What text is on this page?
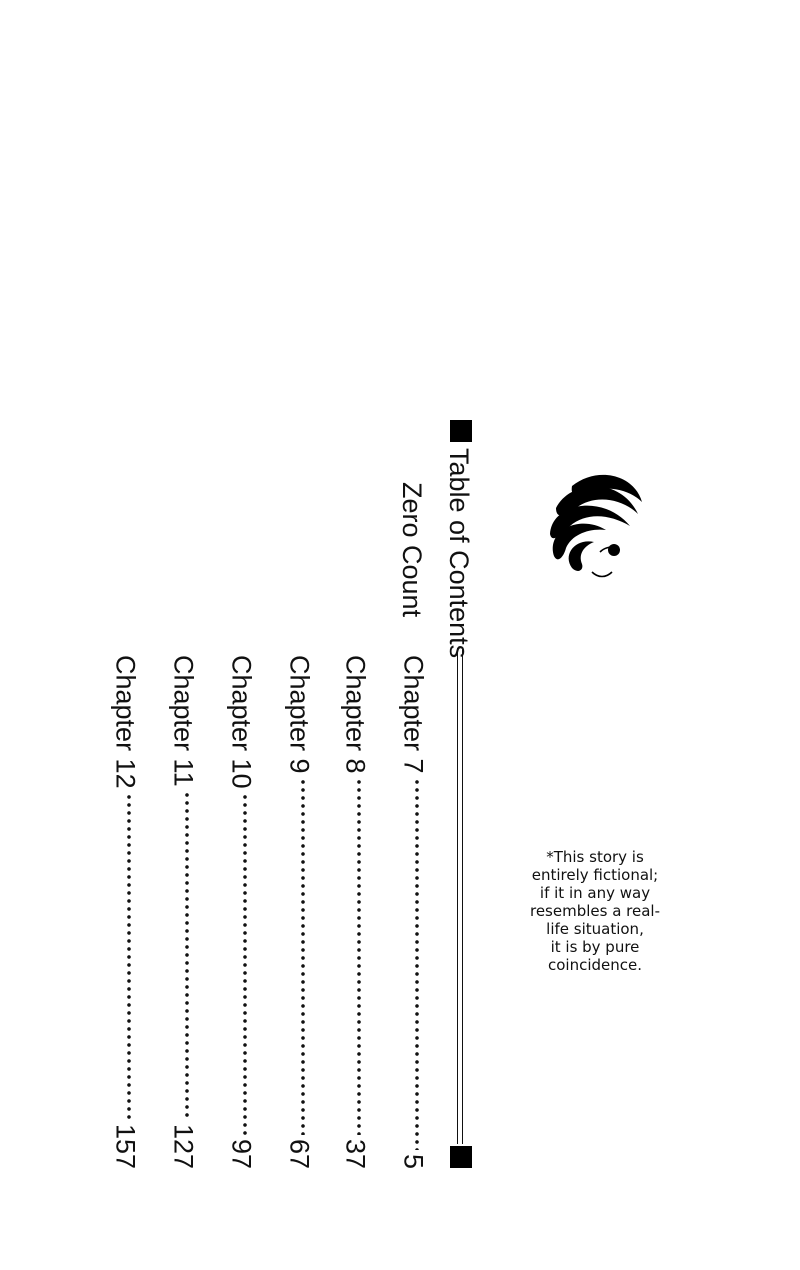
Table of Contents
Zero Count
Chapter 7
5
Chapter 8
37
Chapter 9
67
Chapter 10
97
Chapter 11
127
Chapter 12
157
*This story is
entirely fictional;
if it in any way
resembles a real-
life situation,
it is by pure
coincidence.
